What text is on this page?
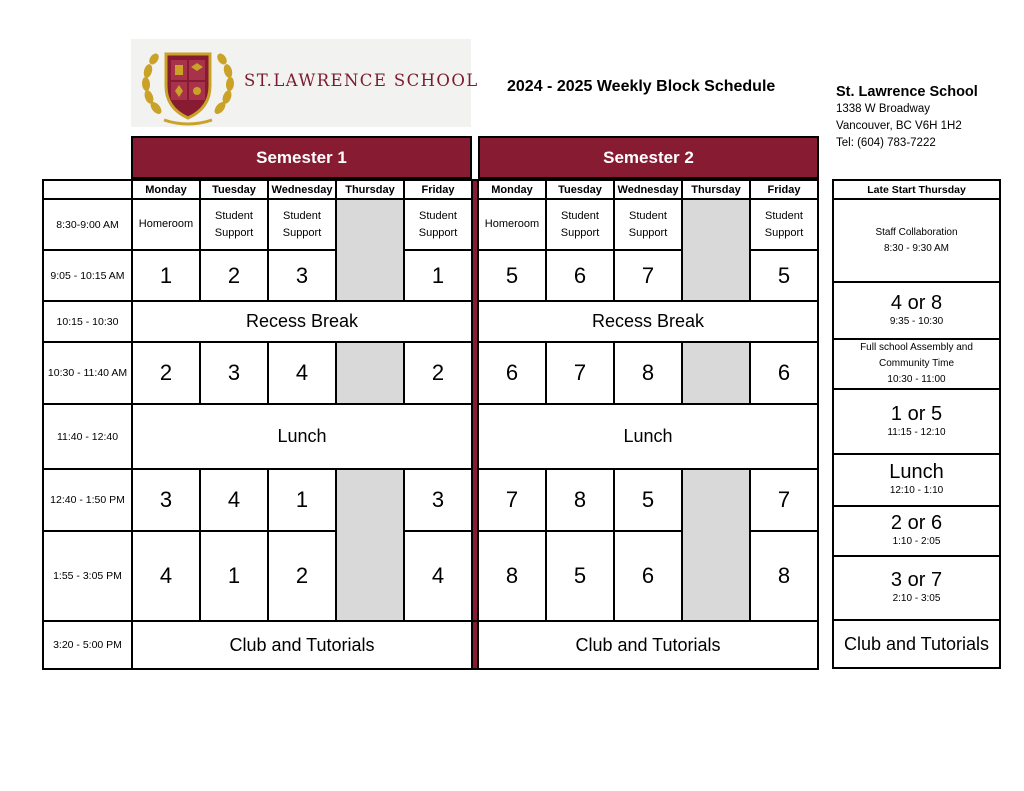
ST.LAWRENCE SCHOOL 2024 - 2025 Weekly Block Schedule	St. Lawrence School
1338 W Broadway
Vancouver, BC V6H 1H2
Tel: (604) 783-7222
Semester 1	Semester 2
	Monday	Tuesday	Wednesday	Thursday	Friday		Monday	Tuesday	Wednesday	Thursday	Friday
8:30-9:00 AM	Homeroom	Student Support	Student Support		Student Support		Homeroom	Student Support	Student Support		Student Support
9:05 - 10:15 AM	1	2	3		1		5	6	7		5
10:15 - 10:30	Recess Break						Recess Break				
10:30 - 11:40 AM	2	3	4		2		6	7	8		6
11:40 - 12:40	Lunch						Lunch				
12:40 - 1:50 PM	3	4	1		3		7	8	5		7
1:55 - 3:05 PM	4	1	2		4		8	5	6		8
3:20 - 5:00 PM	Club and Tutorials						Club and Tutorials				
Late Start Thursday

Staff Collaboration
8:30 - 9:30 AM

4 or 8
9:35 - 10:30

Full school Assembly and
Community Time
10:30 - 11:00

1 or 5
11:15 - 12:10

Lunch
12:10 - 1:10

2 or 6
1:10 - 2:05

3 or 7
2:10 - 3:05

Club and Tutorials
